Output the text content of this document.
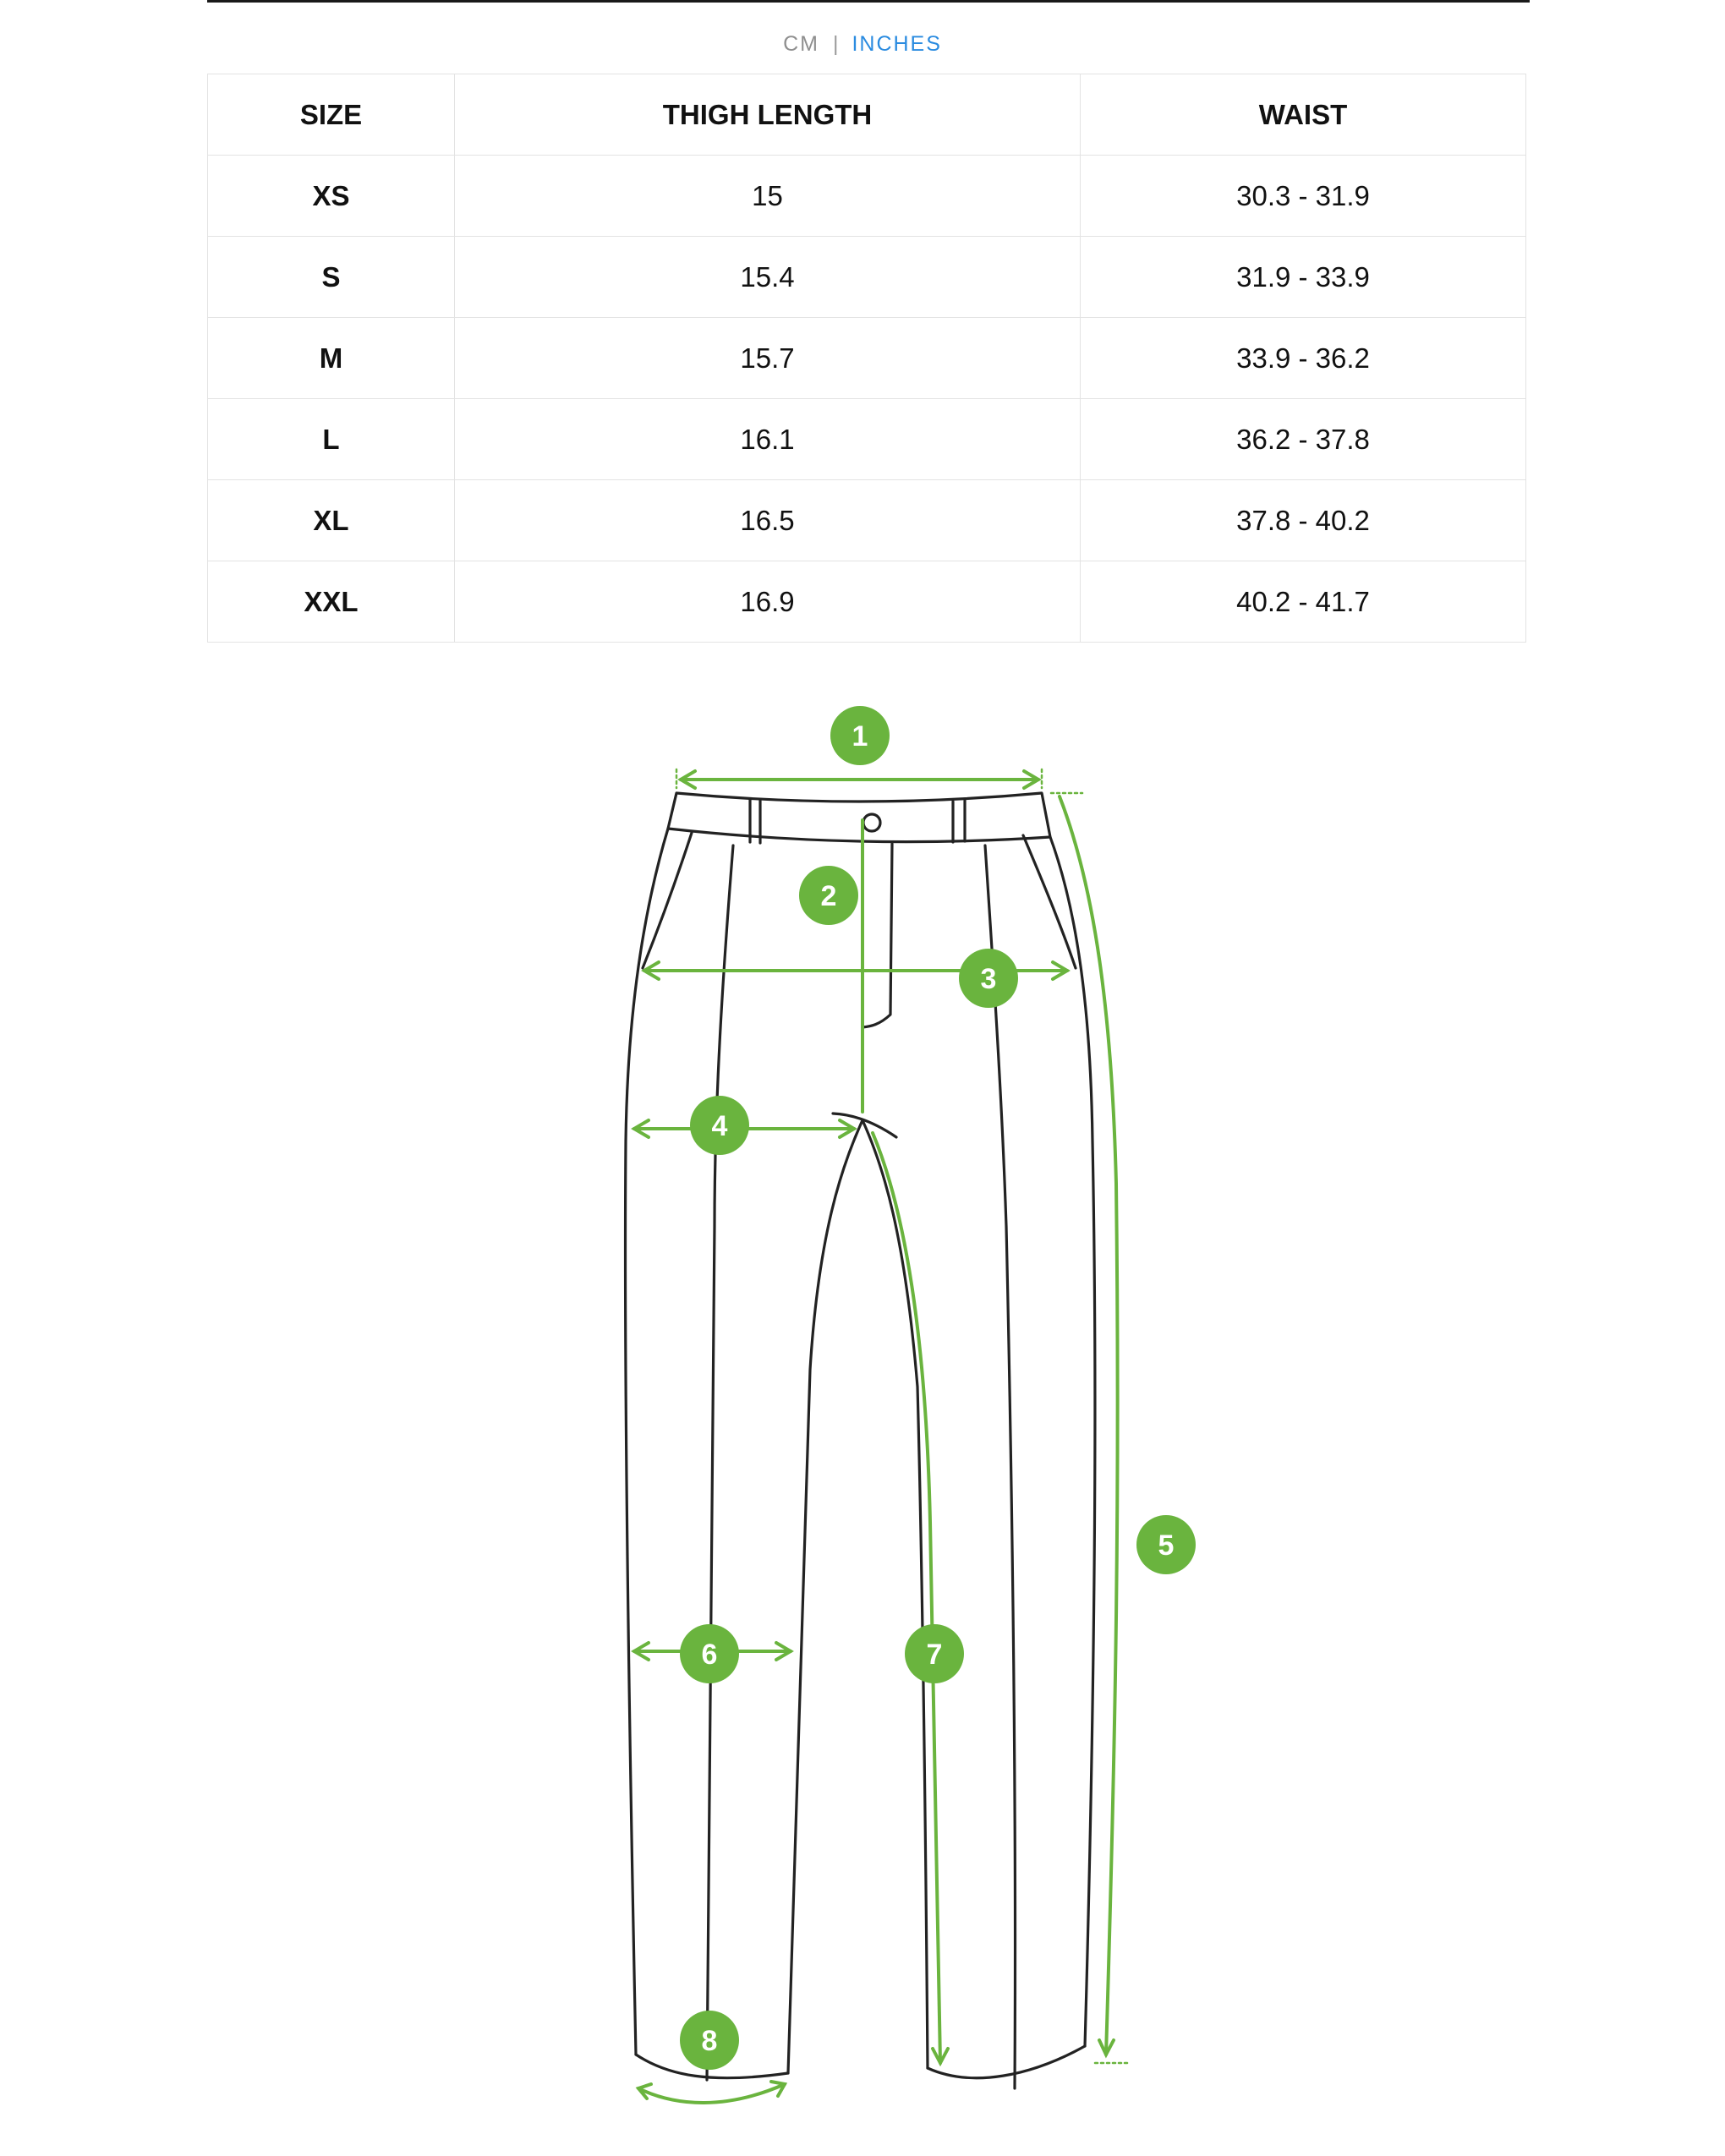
CM | INCHES
SIZE	THIGH LENGTH	WAIST
XS	15	30.3 - 31.9
S	15.4	31.9 - 33.9
M	15.7	33.9 - 36.2
L	16.1	36.2 - 37.8
XL	16.5	37.8 - 40.2
XXL	16.9	40.2 - 41.7
1
2
3
4
5
6	7
8
